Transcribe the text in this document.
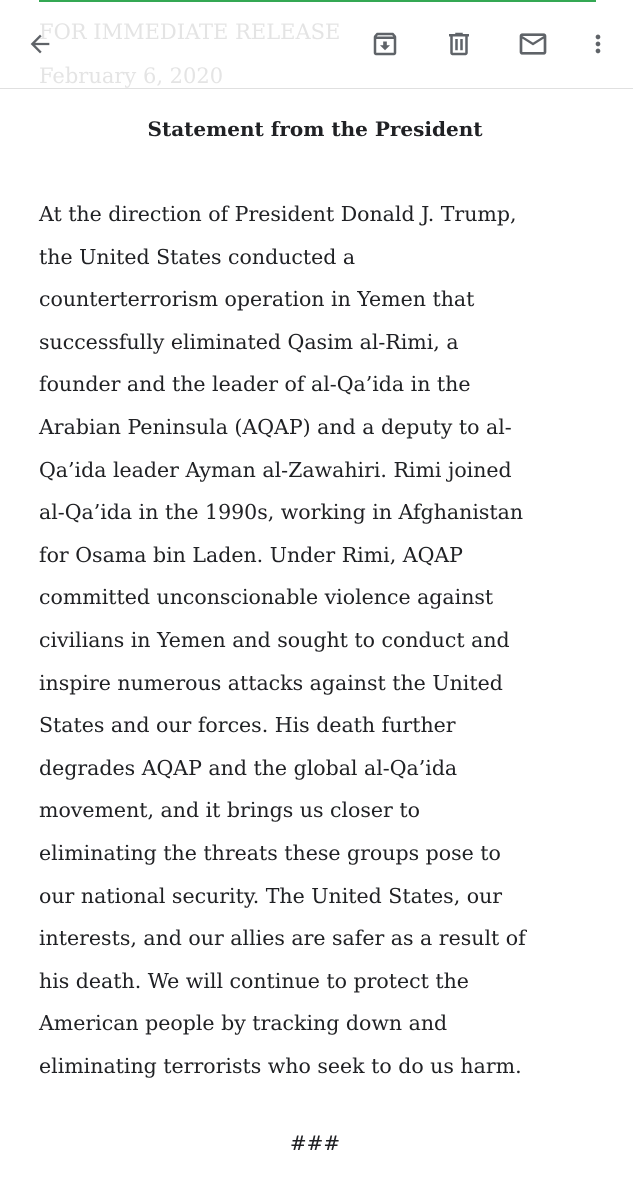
FOR IMMEDIATE RELEASE
February 6, 2020
Statement from the President

At the direction of President Donald J. Trump,
the United States conducted a
counterterrorism operation in Yemen that
successfully eliminated Qasim al-Rimi, a
founder and the leader of al-Qa’ida in the
Arabian Peninsula (AQAP) and a deputy to al-
Qa’ida leader Ayman al-Zawahiri. Rimi joined
al-Qa’ida in the 1990s, working in Afghanistan
for Osama bin Laden. Under Rimi, AQAP
committed unconscionable violence against
civilians in Yemen and sought to conduct and
inspire numerous attacks against the United
States and our forces. His death further
degrades AQAP and the global al-Qa’ida
movement, and it brings us closer to
eliminating the threats these groups pose to
our national security. The United States, our
interests, and our allies are safer as a result of
his death. We will continue to protect the
American people by tracking down and
eliminating terrorists who seek to do us harm.

###
